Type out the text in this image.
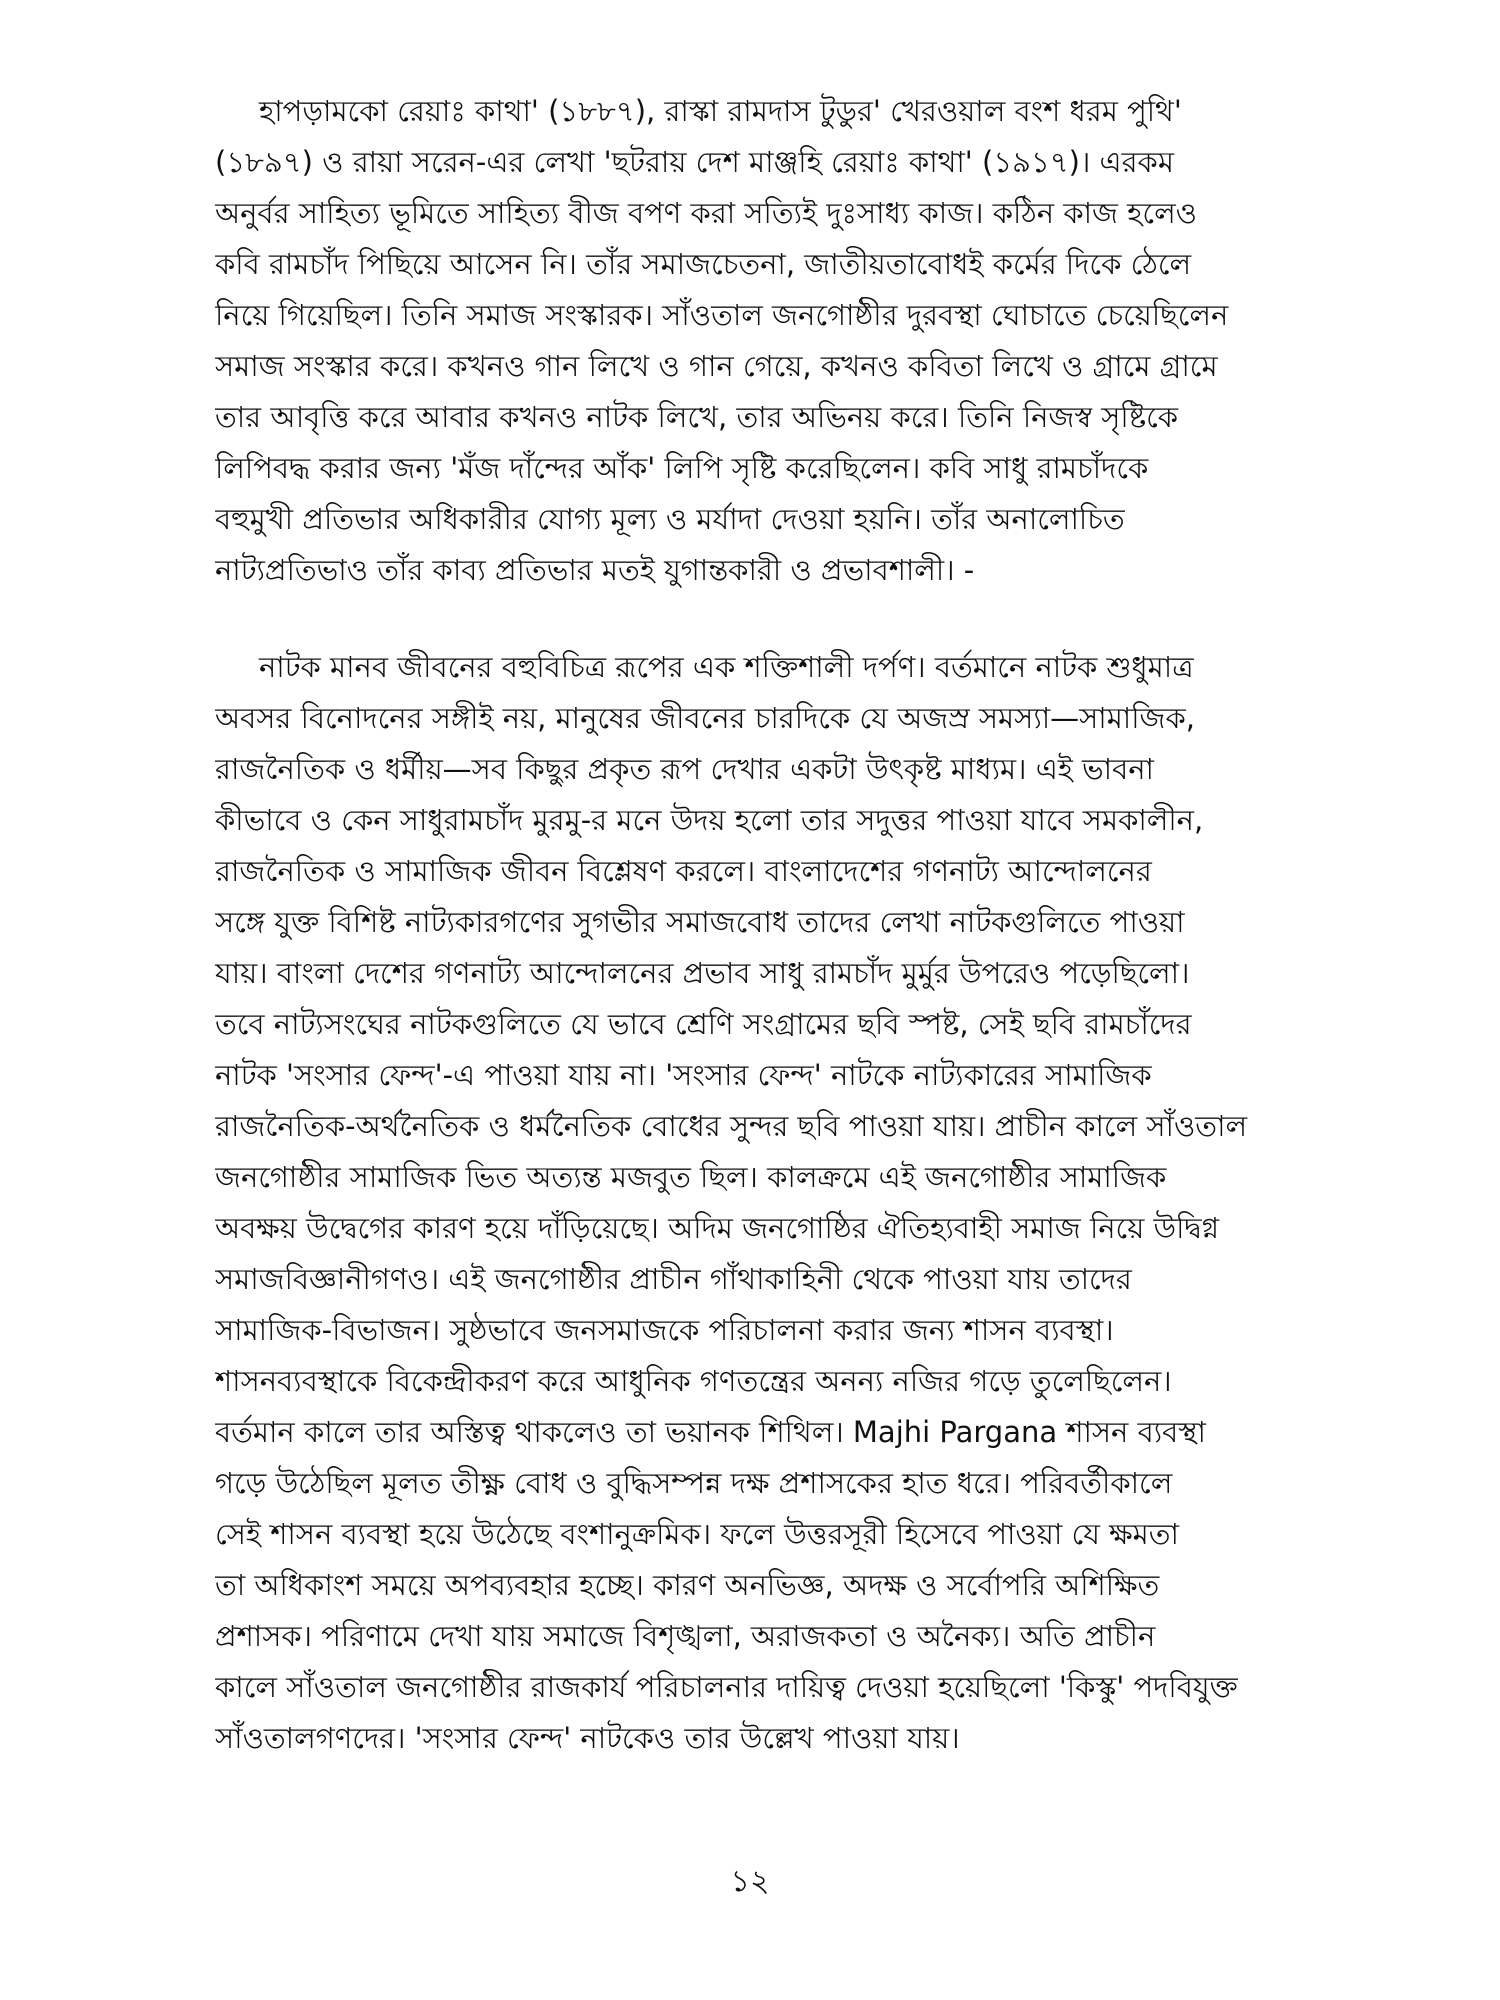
হাপড়ামকো রেয়াঃ কাথা' (১৮৮৭), রাস্কা রামদাস টুডুর' খেরওয়াল বংশ ধরম পুথি'
(১৮৯৭) ও রায়া সরেন-এর লেখা 'ছটরায় দেশ মাঞ্জহি রেয়াঃ কাথা' (১৯১৭)। এরকম
অনুর্বর সাহিত্য ভূমিতে সাহিত্য বীজ বপণ করা সত্যিই দুঃসাধ্য কাজ। কঠিন কাজ হলেও
কবি রামচাঁদ পিছিয়ে আসেন নি। তাঁর সমাজচেতনা, জাতীয়তাবোধই কর্মের দিকে ঠেলে
নিয়ে গিয়েছিল। তিনি সমাজ সংস্কারক। সাঁওতাল জনগোষ্ঠীর দুরবস্থা ঘোচাতে চেয়েছিলেন
সমাজ সংস্কার করে। কখনও গান লিখে ও গান গেয়ে, কখনও কবিতা লিখে ও গ্রামে গ্রামে
তার আবৃত্তি করে আবার কখনও নাটক লিখে, তার অভিনয় করে। তিনি নিজস্ব সৃষ্টিকে
লিপিবদ্ধ করার জন্য 'মঁজ দাঁন্দের আঁক' লিপি সৃষ্টি করেছিলেন। কবি সাধু রামচাঁদকে
বহুমুখী প্রতিভার অধিকারীর যোগ্য মূল্য ও মর্যাদা দেওয়া হয়নি। তাঁর অনালোচিত
নাট্যপ্রতিভাও তাঁর কাব্য প্রতিভার মতই যুগান্তকারী ও প্রভাবশালী। -
নাটক মানব জীবনের বহুবিচিত্র রূপের এক শক্তিশালী দর্পণ। বর্তমানে নাটক শুধুমাত্র
অবসর বিনোদনের সঙ্গীই নয়, মানুষের জীবনের চারদিকে যে অজস্র সমস্যা—সামাজিক,
রাজনৈতিক ও ধর্মীয়—সব কিছুর প্রকৃত রূপ দেখার একটা উৎকৃষ্ট মাধ্যম। এই ভাবনা
কীভাবে ও কেন সাধুরামচাঁদ মুরমু-র মনে উদয় হলো তার সদুত্তর পাওয়া যাবে সমকালীন,
রাজনৈতিক ও সামাজিক জীবন বিশ্লেষণ করলে। বাংলাদেশের গণনাট্য আন্দোলনের
সঙ্গে যুক্ত বিশিষ্ট নাট্যকারগণের সুগভীর সমাজবোধ তাদের লেখা নাটকগুলিতে পাওয়া
যায়। বাংলা দেশের গণনাট্য আন্দোলনের প্রভাব সাধু রামচাঁদ মুর্মুর উপরেও পড়েছিলো।
তবে নাট্যসংঘের নাটকগুলিতে যে ভাবে শ্রেণি সংগ্রামের ছবি স্পষ্ট, সেই ছবি রামচাঁদের
নাটক 'সংসার ফেন্দ'-এ পাওয়া যায় না। 'সংসার ফেন্দ' নাটকে নাট্যকারের সামাজিক
রাজনৈতিক-অর্থনৈতিক ও ধর্মনৈতিক বোধের সুন্দর ছবি পাওয়া যায়। প্রাচীন কালে সাঁওতাল
জনগোষ্ঠীর সামাজিক ভিত অত্যন্ত মজবুত ছিল। কালক্রমে এই জনগোষ্ঠীর সামাজিক
অবক্ষয় উদ্বেগের কারণ হয়ে দাঁড়িয়েছে। অদিম জনগোষ্ঠির ঐতিহ্যবাহী সমাজ নিয়ে উদ্বিগ্ন
সমাজবিজ্ঞানীগণও। এই জনগোষ্ঠীর প্রাচীন গাঁথাকাহিনী থেকে পাওয়া যায় তাদের
সামাজিক-বিভাজন। সুষ্ঠভাবে জনসমাজকে পরিচালনা করার জন্য শাসন ব্যবস্থা।
শাসনব্যবস্থাকে বিকেন্দ্রীকরণ করে আধুনিক গণতন্ত্রের অনন্য নজির গড়ে তুলেছিলেন।
বর্তমান কালে তার অস্তিত্ব থাকলেও তা ভয়ানক শিথিল। Majhi Pargana শাসন ব্যবস্থা
গড়ে উঠেছিল মূলত তীক্ষ্ণ বোধ ও বুদ্ধিসম্পন্ন দক্ষ প্রশাসকের হাত ধরে। পরিবর্তীকালে
সেই শাসন ব্যবস্থা হয়ে উঠেছে বংশানুক্রমিক। ফলে উত্তরসূরী হিসেবে পাওয়া যে ক্ষমতা
তা অধিকাংশ সময়ে অপব্যবহার হচ্ছে। কারণ অনভিজ্ঞ, অদক্ষ ও সর্বোপরি অশিক্ষিত
প্রশাসক। পরিণামে দেখা যায় সমাজে বিশৃঙ্খলা, অরাজকতা ও অনৈক্য। অতি প্রাচীন
কালে সাঁওতাল জনগোষ্ঠীর রাজকার্য পরিচালনার দায়িত্ব দেওয়া হয়েছিলো 'কিস্কু' পদবিযুক্ত
সাঁওতালগণদের। 'সংসার ফেন্দ' নাটকেও তার উল্লেখ পাওয়া যায়।
১২
